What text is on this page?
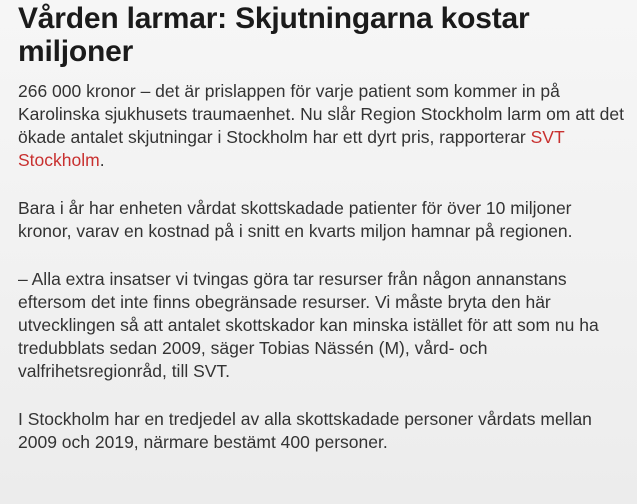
Vården larmar: Skjutningarna kostar miljoner

266 000 kronor – det är prislappen för varje patient som kommer in på Karolinska sjukhusets traumaenhet. Nu slår Region Stockholm larm om att det ökade antalet skjutningar i Stockholm har ett dyrt pris, rapporterar SVT Stockholm.

Bara i år har enheten vårdat skottskadade patienter för över 10 miljoner kronor, varav en kostnad på i snitt en kvarts miljon hamnar på regionen.

– Alla extra insatser vi tvingas göra tar resurser från någon annanstans eftersom det inte finns obegränsade resurser. Vi måste bryta den här utvecklingen så att antalet skottskador kan minska istället för att som nu ha tredubblats sedan 2009, säger Tobias Nässén (M), vård- och valfrihetsregionråd, till SVT.

I Stockholm har en tredjedel av alla skottskadade personer vårdats mellan 2009 och 2019, närmare bestämt 400 personer.
